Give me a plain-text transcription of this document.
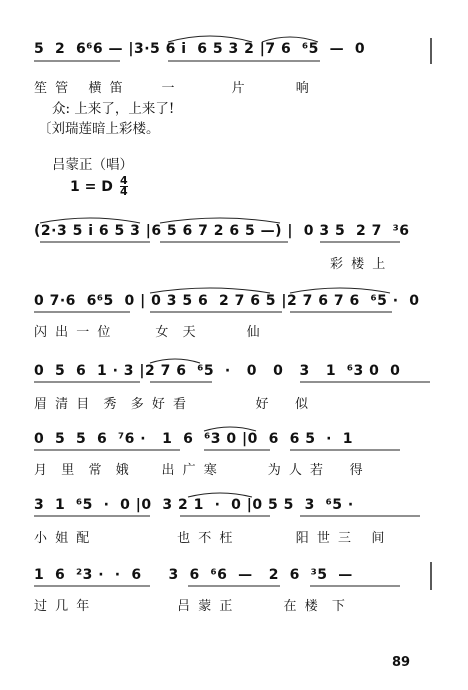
5  2  6⁶6 — |3·5 6 i  6 5 3 2 |7 6  ⁶5  —  0
笙 管   横 笛      一         片        响
众: 上来了，上来了!
〔刘瑞莲暗上彩楼。
吕蒙正（唱）
1 = D $\frac{4}{4}$
(2·3 5 i 6 5 3 |6 5 6 7 2 6 5 —) |  0 3 5  2 7  ³6
彩 楼 上
0 7·6  6⁶5  0 | 0 3 5 6  2 7 6 5 |2 7 6 7 6  ⁶5 ·  0
闪 出 一 位       女  天        仙
0  5  6  1 · 3 |2 7 6  ⁶5  ·   0   0   3   1  ⁶3 0  0
眉 清 目  秀  多 好 看           好    似
0  5  5  6  ⁷6 ·   1  6  ⁶3 0 |0  6  6 5  ·  1
月  里  常  娥     出 广 寒        为 人 若    得
3  1  ⁶5  ·  0 |0  3 2 1  ·  0 |0 5 5  3  ⁶5 ·
小 姐 配              也 不 枉          阳 世 三   间
1  6  ²3 ·  ·  6     3  6  ⁶6  —   2  6  ³5  —
过 几 年              吕 蒙 正        在 楼  下
89
